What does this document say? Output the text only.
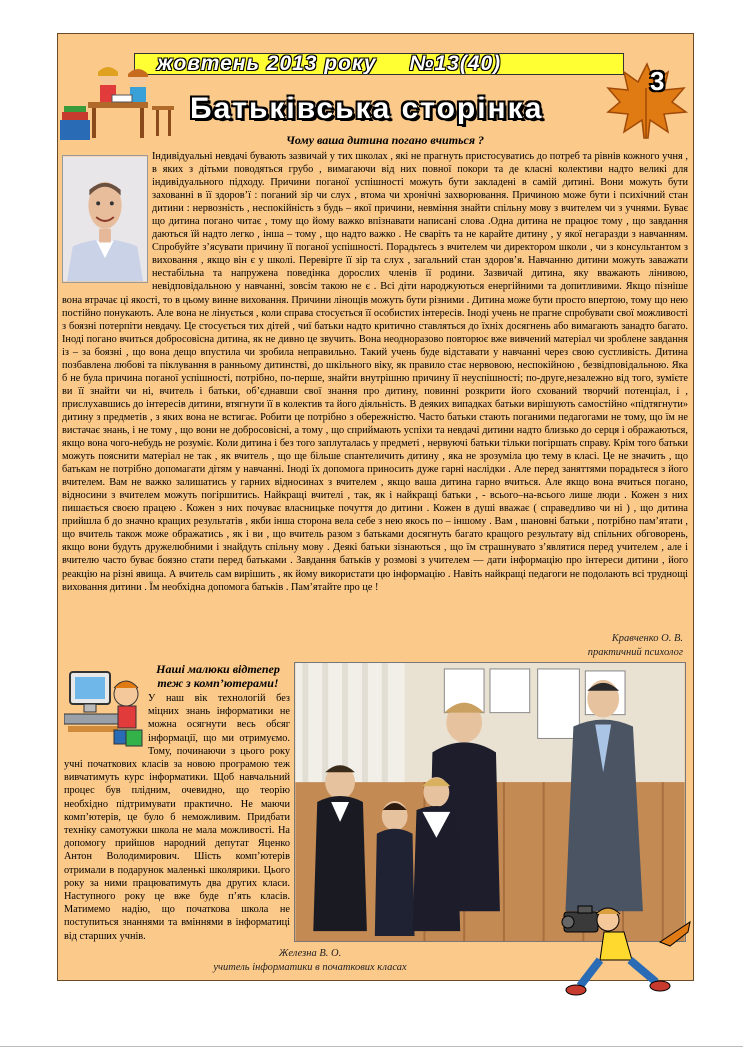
жовтень 2013 року №13(40)
Батьківська сторінка
3
Чому ваша дитина погано вчиться ?

Індивідуальні невдачі бувають зазвичай у тих школах , які не прагнуть пристосуватись до потреб та рівнів кожного учня , в яких з дітьми поводяться грубо , вимагаючи від них повної покори та де класні колективи надто великі для індивідуального підходу. Причини поганої успішності можуть бути закладені в самій дитині. Вони можуть бути захованні в її здоров’ї : поганий зір чи слух , втома чи хронічні захворювання. Причиною може бути і психічний стан дитини : нервозність , неспокійність з будь – якої причини, невміння знайти спільну мову з вчителем чи з учнями. Буває що дитина погано читає , тому що йому важко впізнавати написані слова .Одна дитина не працює тому , що завдання даються їй надто легко , інша – тому , що надто важко . Не сваріть та не карайте дитину , у якої негаразди з навчанням. Спробуйте з’ясувати причину її поганої успішності. Порадьтесь з вчителем чи директором школи , чи з консультантом з виховання , якщо він є у школі. Перевірте її зір та слух , загальний стан здоров’я. Навчанню дитини можуть заважати нестабільна та напружена поведінка дорослих членів її родини. Зазвичай дитина, яку вважають лінивою, невідповідальною у навчанні, зовсім такою не є . Всі діти народжуються енергійними та допитливими. Якщо пізніше вона втрачає ці якості, то в цьому винне виховання. Причини лінощів можуть бути різними . Дитина може бути просто впертою, тому що нею постійно понукають. Але вона не лінується , коли справа стосується її особистих інтересів. Іноді учень не прагне спробувати свої можливості з боязні потерпіти невдачу. Це стосується тих дітей , чиї батьки надто критично ставляться до їхніх досягнень або вимагають занадто багато. Іноді погано вчиться добросовісна дитина, як не дивно це звучить. Вона неодноразово повторює вже вивчений матеріал чи зроблене завдання із – за боязні , що вона дещо впустила чи зробила неправильно. Такий учень буде відставати у навчанні через свою сустливість. Дитина позбавлена любові та піклування в ранньому дитинстві, до шкільного віку, як правило стає нервовою, неспокійною , безвідповідальною. Яка б не була причина поганої успішності, потрібно, по-перше, знайти внутрішню причину її неуспішності; по-друге,незалежно від того, зумієте ви її знайти чи ні, вчитель і батьки, об’єднавши свої знання про дитину, повинні розкрити його схований творчий потенціал, і , прислухавшись до інтересів дитини, втягнути її в колектив та його діяльність. В деяких випадках батьки вирішують самостійно «підтягнути» дитину з предметів , з яких вона не встигає. Робити це потрібно з обережністю. Часто батьки стають поганими педагогами не тому, що їм не вистачає знань, і не тому , що вони не добросовісні, а тому , що сприймають успіхи та невдачі дитини надто близько до серця і ображаються, якщо вона чого-небудь не розуміє. Коли дитина і без того заплуталась у предметі , нервуючі батьки тільки погіршать справу. Крім того батьки можуть пояснити матеріал не так , як вчитель , що ще більше спантеличить дитину , яка не зрозуміла цю тему в класі. Це не значить , що батькам не потрібно допомагати дітям у навчанні. Іноді їх допомога приносить дуже гарні наслідки . Але перед заняттями порадьтеся з його вчителем. Вам не важко залишатись у гарних відносинах з вчителем , якщо ваша дитина гарно вчиться. Але якщо вона вчиться погано, відносини з вчителем можуть погіршитись. Найкращі вчителі , так, як і найкращі батьки , - всього–на-всього лише люди . Кожен з них пишається своєю працею . Кожен з них почуває власницьке почуття до дитини . Кожен в душі вважає ( справедливо чи ні ) , що дитина прийшла б до значно кращих результатів , якби інша сторона вела себе з нею якось по – іншому . Вам , шановні батьки , потрібно пам’ятати , що вчитель також може ображатись , як і ви , що вчитель разом з батьками досягнуть багато кращого результату від спільних обговорень, якщо вони будуть дружелюбними і знайдуть спільну мову . Деякі батьки зізнаються , що їм страшнувато з’являтися перед учителем , але і вчителю часто буває боязно стати перед батьками . Завдання батьків у розмові з учителем — дати інформацію про інтереси дитини , його реакцію на різні явища. А вчитель сам вирішить , як йому використати цю інформацію . Навіть найкращі педагоги не подолають всі труднощі виховання дитини . Їм необхідна допомога батьків . Пам’ятайте про це !

Кравченко О. В.
практичний психолог
Наші малюки відтепер
теж з комп’ютерами!

У наш вік технологій без міцних знань інформатики не можна осягнути весь обсяг інформації, що ми отримуємо. Тому, починаючи з цього року учні початкових класів за новою програмою теж вивчатимуть курс інформатики. Щоб навчальний процес був плідним, очевидно, що теорію необхідно підтримувати практично. Не маючи комп’ютерів, це було б неможливим. Придбати техніку самотужки школа не мала можливості. На допомогу прийшов народний депутат Яценко Антон Володимирович. Шість комп’ютерів отримали в подарунок маленькі школярики. Цього року за ними працюватимуть два других класи. Наступного року це вже буде п’ять класів. Матимемо надію, що початкова школа не поступиться знаннями та вміннями в інформатиці від старших учнів.

Железна В. О.
учитель інформатики в початкових класах
